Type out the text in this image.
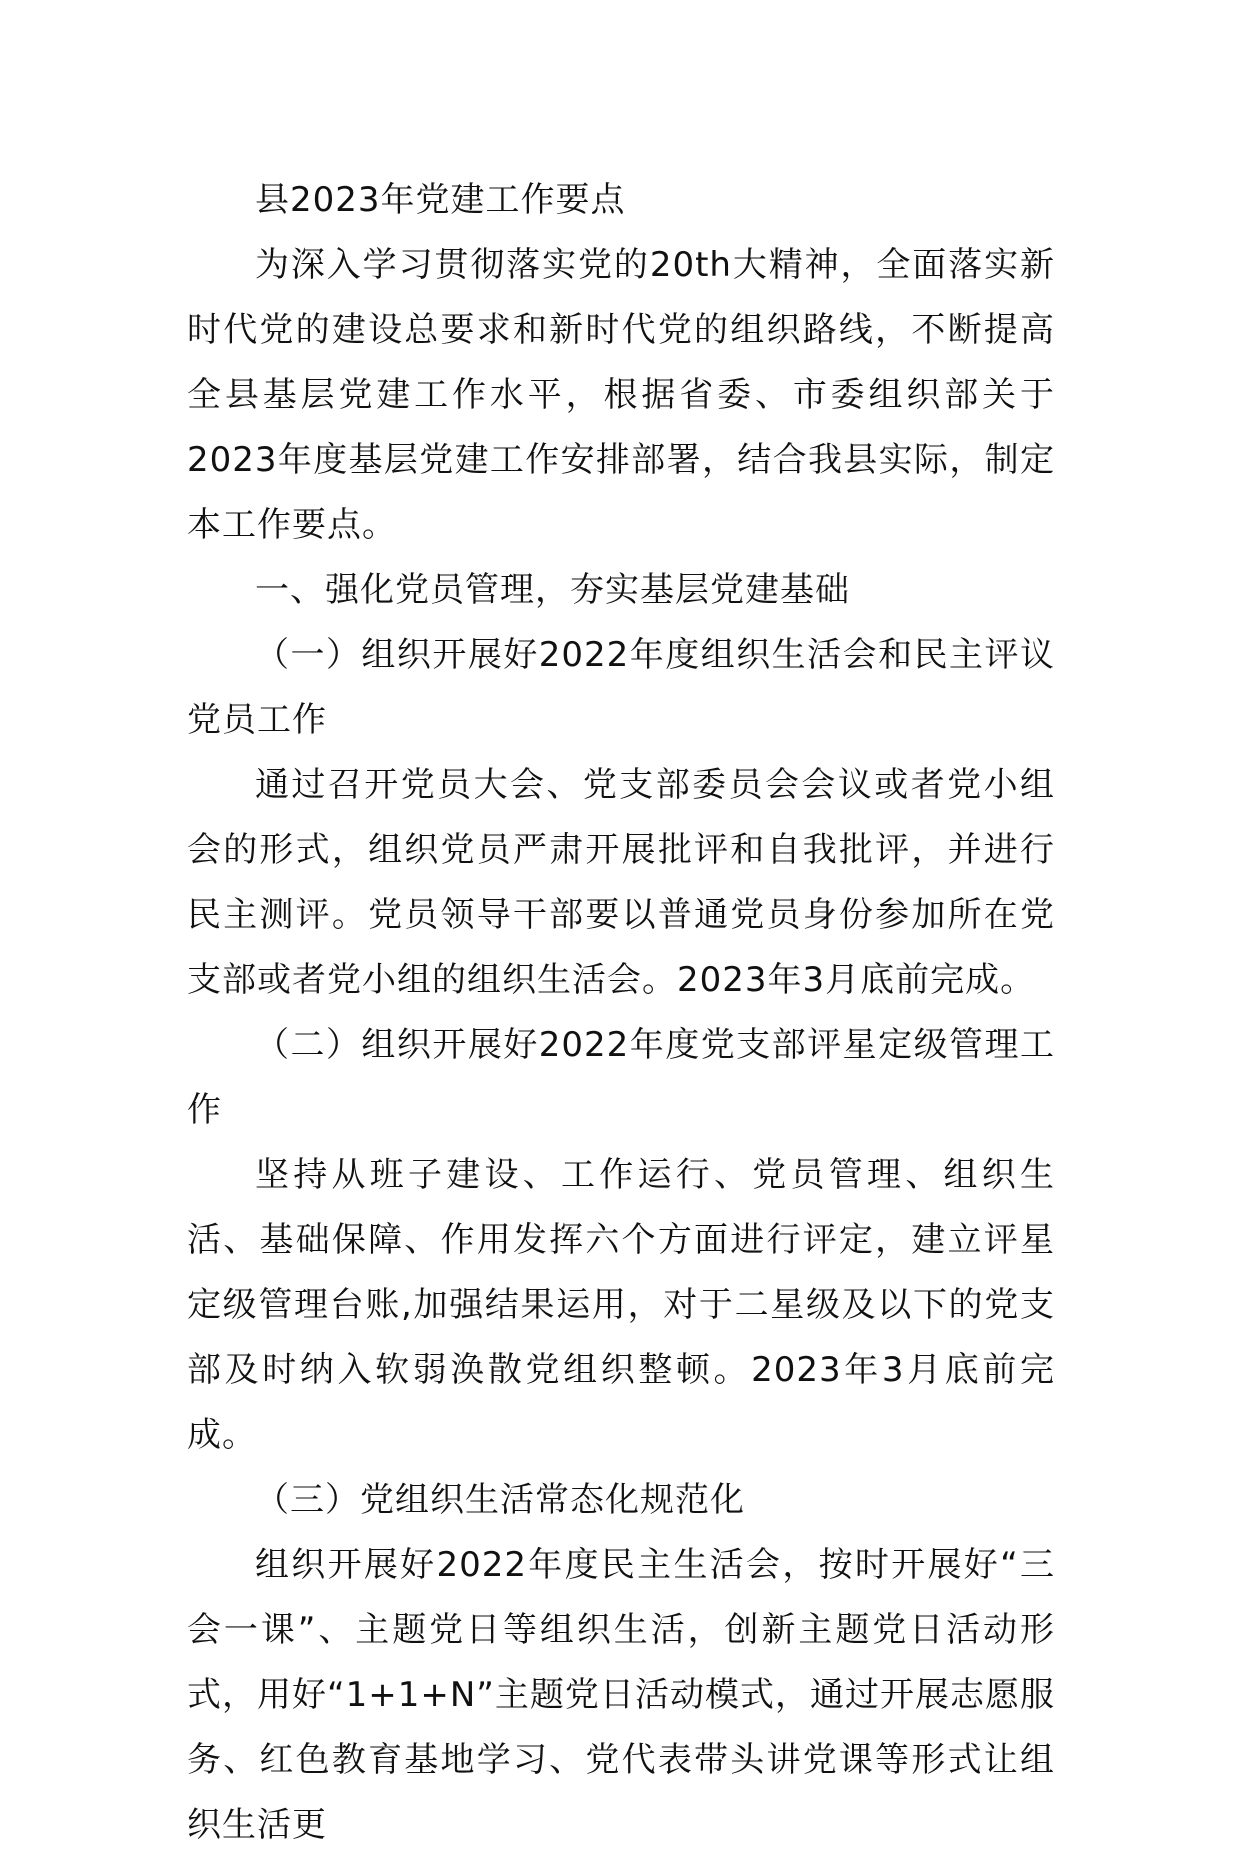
县2023年党建工作要点

为深入学习贯彻落实党的20th大精神，全面落实新时代党的建设总要求和新时代党的组织路线，不断提高全县基层党建工作水平，根据省委、市委组织部关于2023年度基层党建工作安排部署，结合我县实际，制定本工作要点。

一、强化党员管理，夯实基层党建基础

（一）组织开展好2022年度组织生活会和民主评议党员工作

通过召开党员大会、党支部委员会会议或者党小组会的形式，组织党员严肃开展批评和自我批评，并进行民主测评。党员领导干部要以普通党员身份参加所在党支部或者党小组的组织生活会。2023年3月底前完成。

（二）组织开展好2022年度党支部评星定级管理工作

坚持从班子建设、工作运行、党员管理、组织生活、基础保障、作用发挥六个方面进行评定，建立评星定级管理台账,加强结果运用，对于二星级及以下的党支部及时纳入软弱涣散党组织整顿。2023年3月底前完成。

（三）党组织生活常态化规范化

组织开展好2022年度民主生活会，按时开展好“三会一课”、主题党日等组织生活，创新主题党日活动形式，用好“1+1+N”主题党日活动模式，通过开展志愿服务、红色教育基地学习、党代表带头讲党课等形式让组织生活更
